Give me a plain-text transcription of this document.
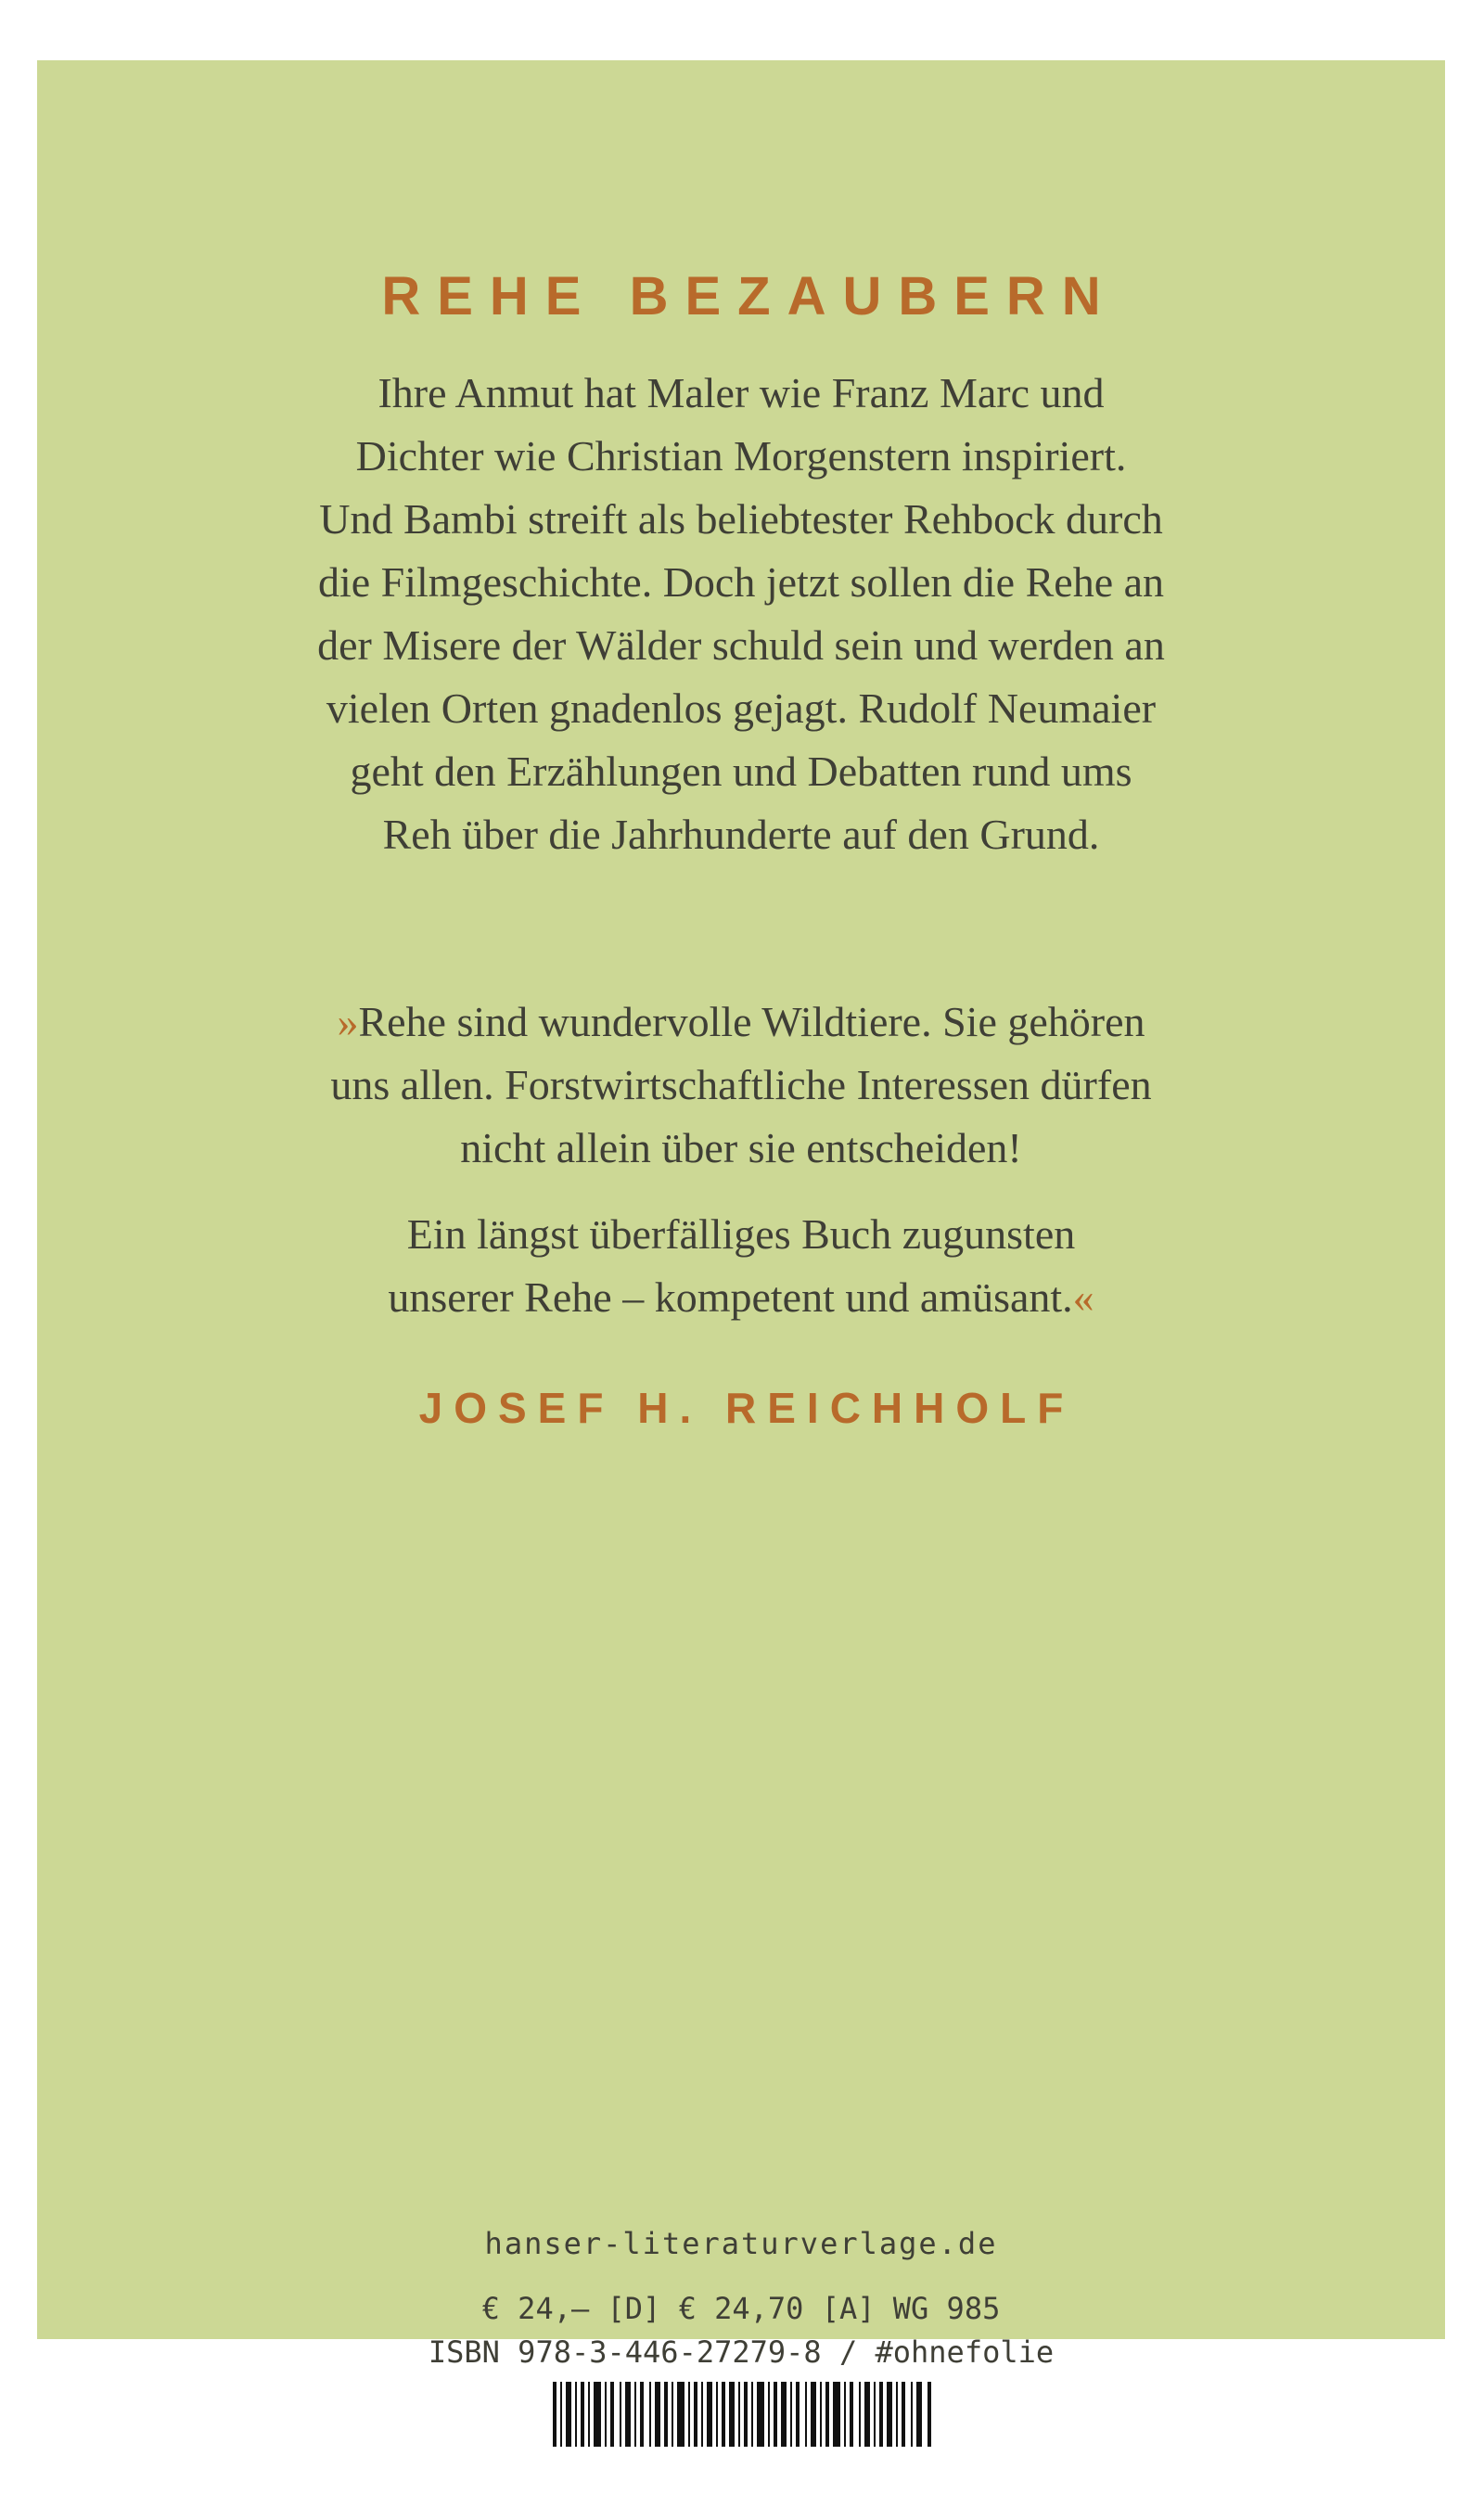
REHE BEZAUBERN

Ihre Anmut hat Maler wie Franz Marc und

Dichter wie Christian Morgenstern inspiriert.

Und Bambi streift als beliebtester Rehbock durch

die Filmgeschichte. Doch jetzt sollen die Rehe an

der Misere der Wälder schuld sein und werden an

vielen Orten gnadenlos gejagt. Rudolf Neumaier

geht den Erzählungen und Debatten rund ums

Reh über die Jahrhunderte auf den Grund.

»Rehe sind wundervolle Wildtiere. Sie gehören

uns allen. Forstwirtschaftliche Interessen dürfen

nicht allein über sie entscheiden!

Ein längst überfälliges Buch zugunsten

unserer Rehe – kompetent und amüsant.«

JOSEF H. REICHHOLF
hanser-literaturverlage.de
€ 24,– [D] € 24,70 [A] WG 985
ISBN 978-3-446-27279-8 / #ohnefolie
